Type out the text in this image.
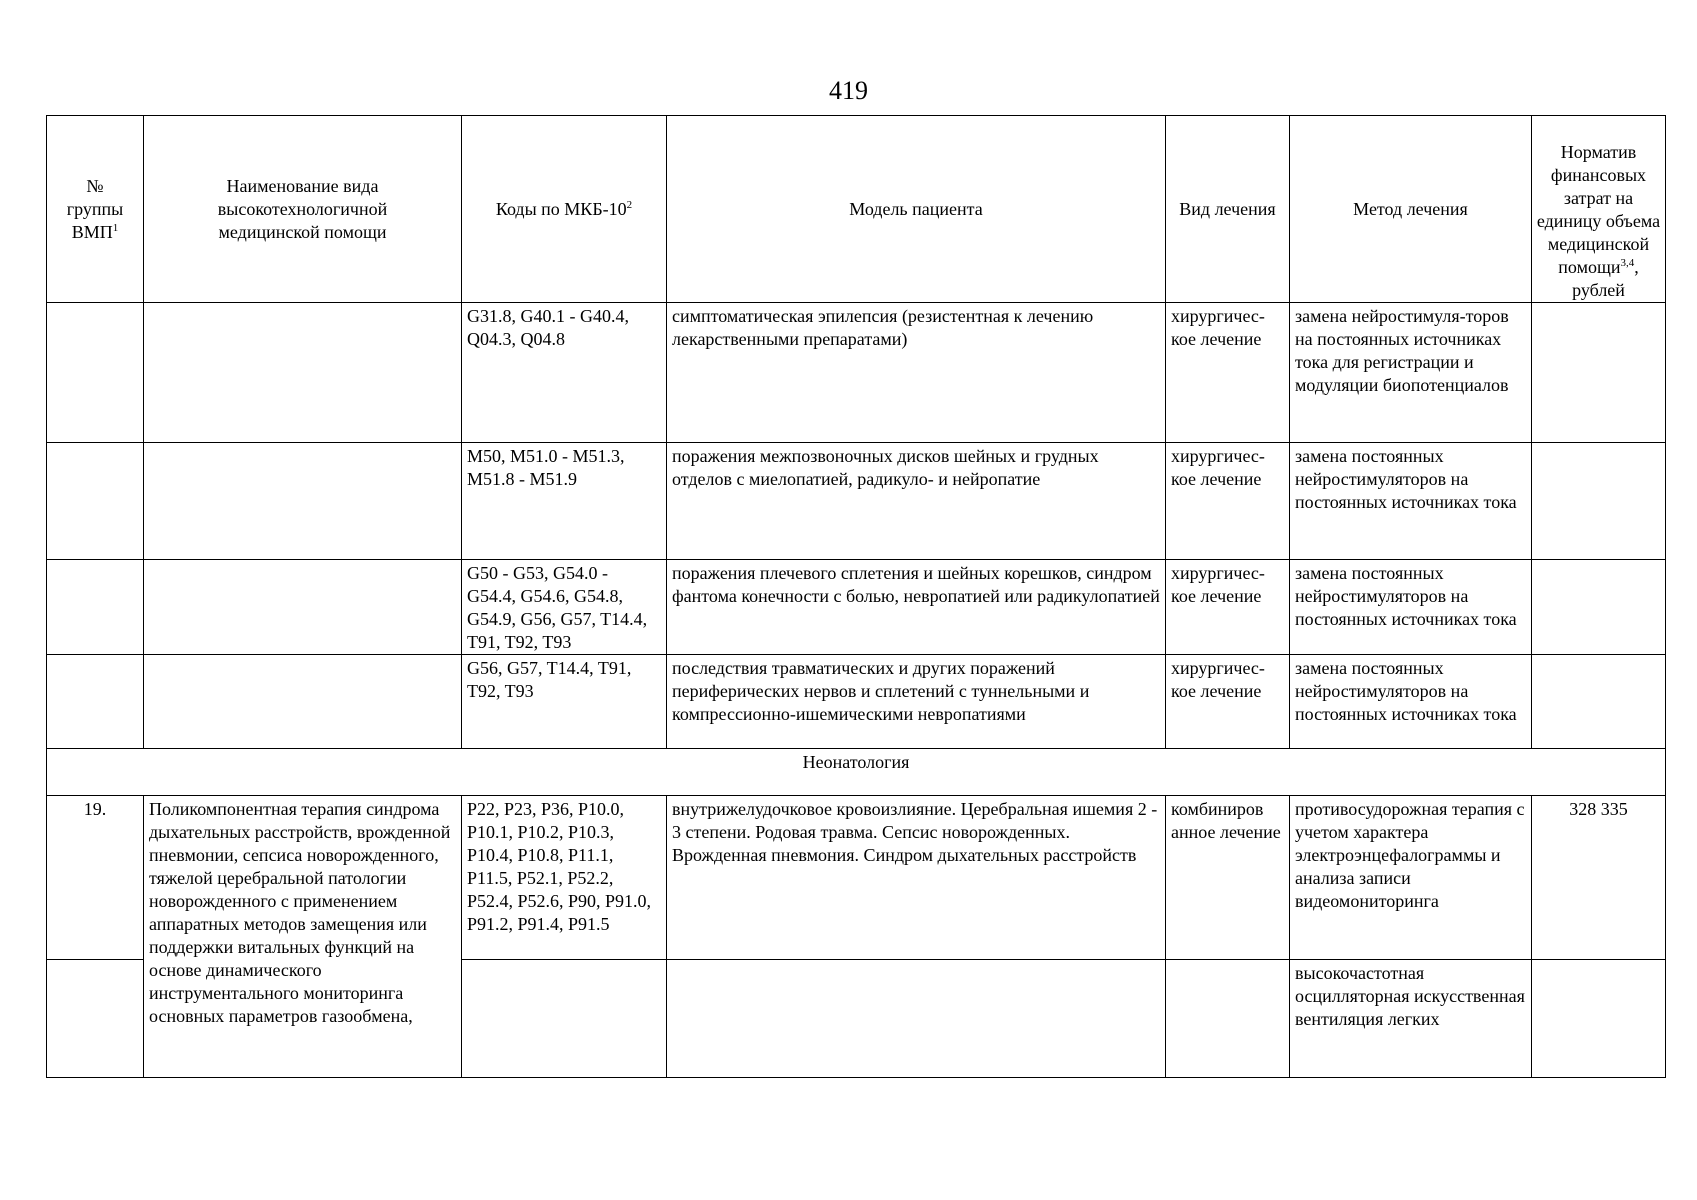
419
№
группы
ВМП$^1$	Наименование вида высокотехнологичной медицинской помощи	Коды по МКБ-$10^2$	Модель пациента	Вид лечения	Метод лечения	Норматив финансовых затрат на единицу объема медицинской помощи$^{3,4}$, рублей
		G31.8, G40.1 - G40.4, Q04.3, Q04.8	симптоматическая эпилепсия (резистентная к лечению лекарственными препаратами)	хирургичес-кое лечение	замена нейростимуля-торов на постоянных источниках тока для регистрации и модуляции биопотенциалов	
		M50, M51.0 - M51.3, M51.8 - M51.9	поражения межпозвоночных дисков шейных и грудных отделов с миелопатией, радикуло- и нейропатие	хирургичес-кое лечение	замена постоянных нейростимуляторов на постоянных источниках тока	
		G50 - G53, G54.0 - G54.4, G54.6, G54.8, G54.9, G56, G57, T14.4, T91, T92, T93	поражения плечевого сплетения и шейных корешков, синдром фантома конечности с болью, невропатией или радикулопатией	хирургичес-кое лечение	замена постоянных нейростимуляторов на постоянных источниках тока	
		G56, G57, T14.4, T91, T92, T93	последствия травматических и других поражений периферических нервов и сплетений с туннельными и компрессионно-ишемическими невропатиями	хирургичес-кое лечение	замена постоянных нейростимуляторов на постоянных источниках тока	
Неонатология						
19.	Поликомпонентная терапия синдрома дыхательных расстройств, врожденной пневмонии, сепсиса новорожденного, тяжелой церебральной патологии новорожденного с применением аппаратных методов замещения или поддержки витальных функций на основе динамического инструментального мониторинга основных параметров газообмена,	P22, P23, P36, P10.0, P10.1, P10.2, P10.3, P10.4, P10.8, P11.1, P11.5, P52.1, P52.2, P52.4, P52.6, P90, P91.0, P91.2, P91.4, P91.5	внутрижелудочковое кровоизлияние. Церебральная ишемия 2 - 3 степени. Родовая травма. Сепсис новорожденных. Врожденная пневмония. Синдром дыхательных расстройств	комбиниров анное лечение	противосудорожная терапия с учетом характера электроэнцефалограммы и анализа записи видеомониторинга	328 335
					высокочастотная осцилляторная искусственная вентиляция легких	
